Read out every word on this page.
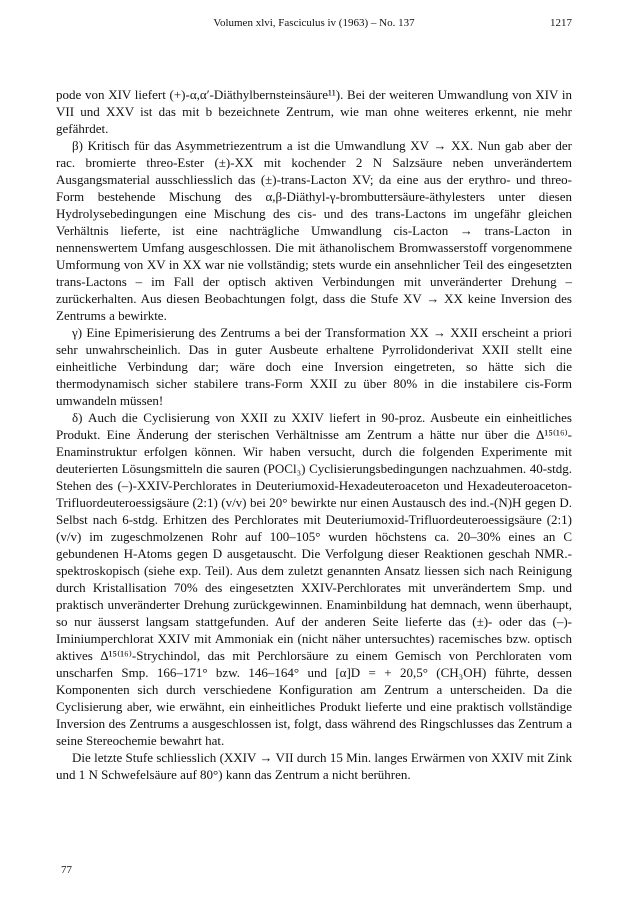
Volumen xlvi, Fasciculus iv (1963) – No. 137	1217

pode von XIV liefert (+)-α,α′-Diäthylbernsteinsäure¹¹). Bei der weiteren Umwandlung von XIV in VII und XXV ist das mit b bezeichnete Zentrum, wie man ohne weiteres erkennt, nie mehr gefährdet.

β) Kritisch für das Asymmetriezentrum a ist die Umwandlung XV → XX. Nun gab aber der rac. bromierte threo-Ester (±)-XX mit kochender 2 N Salzsäure neben unverändertem Ausgangsmaterial ausschliesslich das (±)-trans-Lacton XV; da eine aus der erythro- und threo-Form bestehende Mischung des α,β-Diäthyl-γ-brombuttersäure-äthylesters unter diesen Hydrolysebedingungen eine Mischung des cis- und des trans-Lactons im ungefähr gleichen Verhältnis lieferte, ist eine nachträgliche Umwandlung cis-Lacton → trans-Lacton in nennenswertem Umfang ausgeschlossen. Die mit äthanolischem Bromwasserstoff vorgenommene Umformung von XV in XX war nie vollständig; stets wurde ein ansehnlicher Teil des eingesetzten trans-Lactons – im Fall der optisch aktiven Verbindungen mit unveränderter Drehung – zurückerhalten. Aus diesen Beobachtungen folgt, dass die Stufe XV → XX keine Inversion des Zentrums a bewirkte.

γ) Eine Epimerisierung des Zentrums a bei der Transformation XX → XXII erscheint a priori sehr unwahrscheinlich. Das in guter Ausbeute erhaltene Pyrrolidonderivat XXII stellt eine einheitliche Verbindung dar; wäre doch eine Inversion eingetreten, so hätte sich die thermodynamisch sicher stabilere trans-Form XXII zu über 80% in die instabilere cis-Form umwandeln müssen!

δ) Auch die Cyclisierung von XXII zu XXIV liefert in 90-proz. Ausbeute ein einheitliches Produkt. Eine Änderung der sterischen Verhältnisse am Zentrum a hätte nur über die Δ¹⁵⁽¹⁶⁾-Enaminstruktur erfolgen können. Wir haben versucht, durch die folgenden Experimente mit deuterierten Lösungsmitteln die sauren (POCl₃) Cyclisierungsbedingungen nachzuahmen. 40-stdg. Stehen des (–)-XXIV-Perchlorates in Deuteriumoxid-Hexadeuteroaceton und Hexadeuteroaceton-Trifluordeuteroessigsäure (2:1) (v/v) bei 20° bewirkte nur einen Austausch des ind.-(N)H gegen D. Selbst nach 6-stdg. Erhitzen des Perchlorates mit Deuteriumoxid-Trifluordeuteroessigsäure (2:1) (v/v) im zugeschmolzenen Rohr auf 100–105° wurden höchstens ca. 20–30% eines an C gebundenen H-Atoms gegen D ausgetauscht. Die Verfolgung dieser Reaktionen geschah NMR.-spektroskopisch (siehe exp. Teil). Aus dem zuletzt genannten Ansatz liessen sich nach Reinigung durch Kristallisation 70% des eingesetzten XXIV-Perchlorates mit unverändertem Smp. und praktisch unveränderter Drehung zurückgewinnen. Enaminbildung hat demnach, wenn überhaupt, so nur äusserst langsam stattgefunden. Auf der anderen Seite lieferte das (±)- oder das (–)-Iminiumperchlorat XXIV mit Ammoniak ein (nicht näher untersuchtes) racemisches bzw. optisch aktives Δ¹⁵⁽¹⁶⁾-Strychindol, das mit Perchlorsäure zu einem Gemisch von Perchloraten vom unscharfen Smp. 166–171° bzw. 146–164° und [α]D = + 20,5° (CH₃OH) führte, dessen Komponenten sich durch verschiedene Konfiguration am Zentrum a unterscheiden. Da die Cyclisierung aber, wie erwähnt, ein einheitliches Produkt lieferte und eine praktisch vollständige Inversion des Zentrums a ausgeschlossen ist, folgt, dass während des Ringschlusses das Zentrum a seine Stereochemie bewahrt hat.

Die letzte Stufe schliesslich (XXIV → VII durch 15 Min. langes Erwärmen von XXIV mit Zink und 1 N Schwefelsäure auf 80°) kann das Zentrum a nicht berühren.

77
